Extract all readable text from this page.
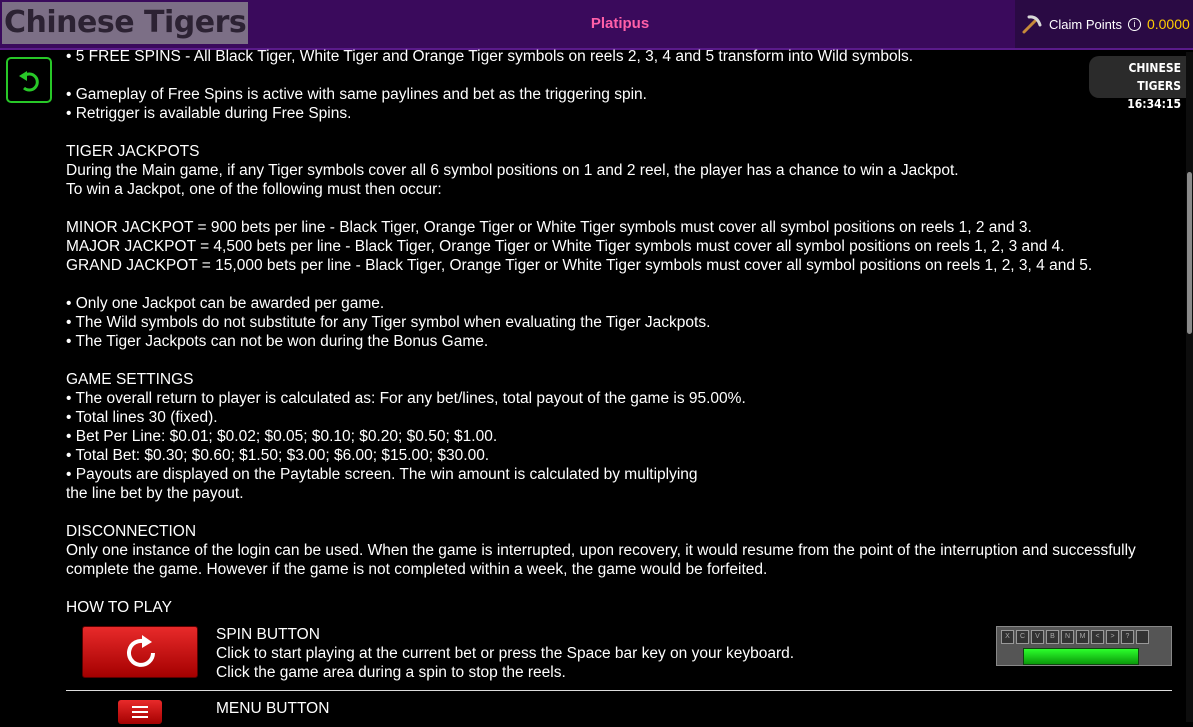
Chinese Tigers	Platipus	Claim Points	i 0.0000
CHINESE TIGERS
16:34:15
• 5 FREE SPINS - All Black Tiger, White Tiger and Orange Tiger symbols on reels 2, 3, 4 and 5 transform into Wild symbols.
• Gameplay of Free Spins is active with same paylines and bet as the triggering spin.
• Retrigger is available during Free Spins.
TIGER JACKPOTS
During the Main game, if any Tiger symbols cover all 6 symbol positions on 1 and 2 reel, the player has a chance to win a Jackpot.
To win a Jackpot, one of the following must then occur:
MINOR JACKPOT = 900 bets per line - Black Tiger, Orange Tiger or White Tiger symbols must cover all symbol positions on reels 1, 2 and 3.
MAJOR JACKPOT = 4,500 bets per line - Black Tiger, Orange Tiger or White Tiger symbols must cover all symbol positions on reels 1, 2, 3 and 4.
GRAND JACKPOT = 15,000 bets per line - Black Tiger, Orange Tiger or White Tiger symbols must cover all symbol positions on reels 1, 2, 3, 4 and 5.
• Only one Jackpot can be awarded per game.
• The Wild symbols do not substitute for any Tiger symbol when evaluating the Tiger Jackpots.
• The Tiger Jackpots can not be won during the Bonus Game.
GAME SETTINGS
• The overall return to player is calculated as: For any bet/lines, total payout of the game is 95.00%.
• Total lines 30 (fixed).
• Bet Per Line: $0.01; $0.02; $0.05; $0.10; $0.20; $0.50; $1.00.
• Total Bet: $0.30; $0.60; $1.50; $3.00; $6.00; $15.00; $30.00.
• Payouts are displayed on the Paytable screen. The win amount is calculated by multiplying
the line bet by the payout.
DISCONNECTION
Only one instance of the login can be used. When the game is interrupted, upon recovery, it would resume from the point of the interruption and successfully
complete the game. However if the game is not completed within a week, the game would be forfeited.
HOW TO PLAY
SPIN BUTTON
Click to start playing at the current bet or press the Space bar key on your keyboard.
Click the game area during a spin to stop the reels.
X	C	V	B	N	M	<	>	?
MENU BUTTON
